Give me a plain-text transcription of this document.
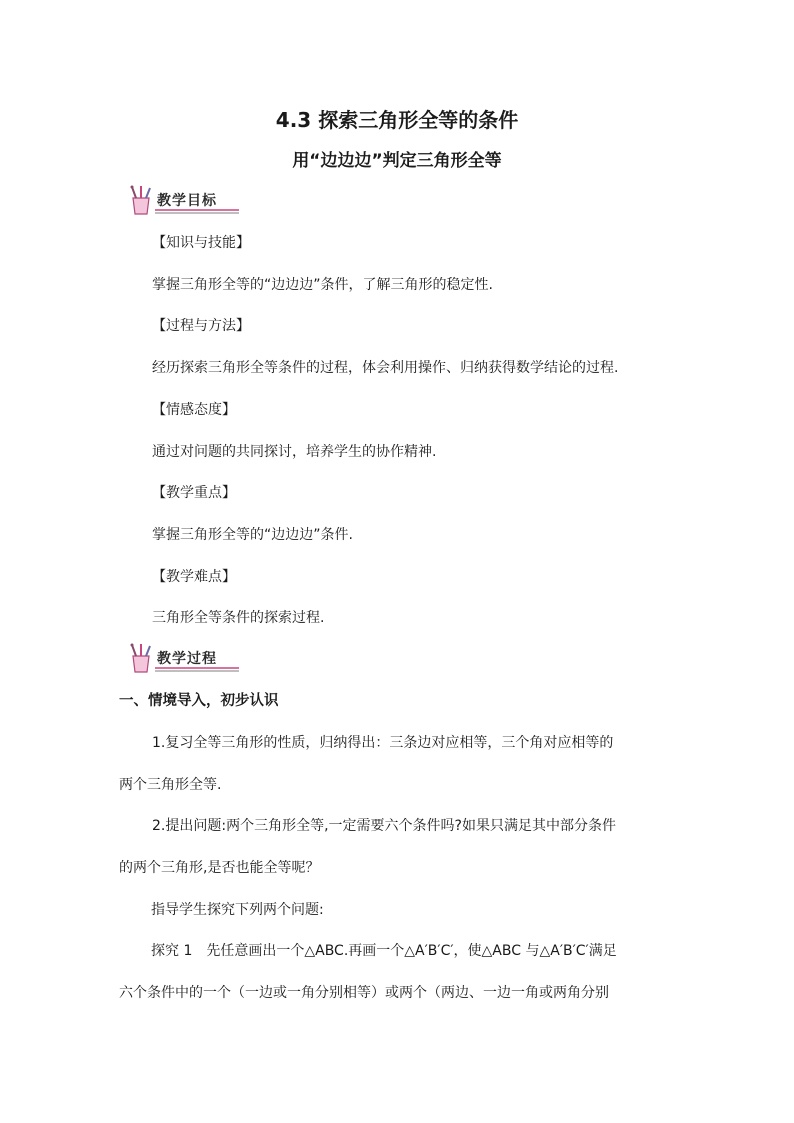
4.3 探索三角形全等的条件
用“边边边”判定三角形全等
教学目标

【知识与技能】

掌握三角形全等的“边边边”条件，了解三角形的稳定性.

【过程与方法】

经历探索三角形全等条件的过程，体会利用操作、归纳获得数学结论的过程.

【情感态度】

通过对问题的共同探讨，培养学生的协作精神.

【教学重点】

掌握三角形全等的“边边边”条件.

【教学难点】

三角形全等条件的探索过程.

教学过程

一、情境导入，初步认识

1.复习全等三角形的性质，归纳得出：三条边对应相等，三个角对应相等的

两个三角形全等.

2.提出问题:两个三角形全等,一定需要六个条件吗?如果只满足其中部分条件

的两个三角形,是否也能全等呢？

指导学生探究下列两个问题:

探究 1　先任意画出一个△ABC.再画一个△A′B′C′，使△ABC 与△A′B′C′满足

六个条件中的一个（一边或一角分别相等）或两个（两边、一边一角或两角分别
